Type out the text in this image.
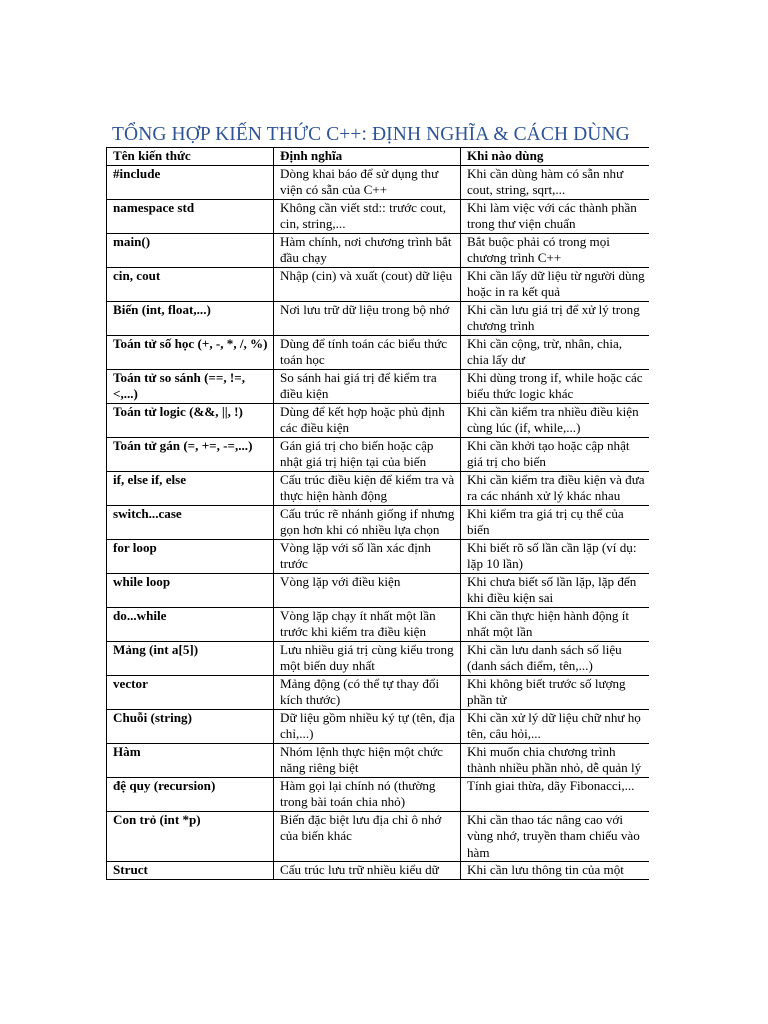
TỔNG HỢP KIẾN THỨC C++: ĐỊNH NGHĨA & CÁCH DÙNG
Tên kiến thức	Định nghĩa	Khi nào dùng
#include	Dòng khai báo để sử dụng thư viện có sẵn của C++	Khi cần dùng hàm có sẵn như cout, string, sqrt,...
namespace std	Không cần viết std:: trước cout, cin, string,...	Khi làm việc với các thành phần trong thư viện chuẩn
main()	Hàm chính, nơi chương trình bắt đầu chạy	Bắt buộc phải có trong mọi chương trình C++
cin, cout	Nhập (cin) và xuất (cout) dữ liệu	Khi cần lấy dữ liệu từ người dùng hoặc in ra kết quả
Biến (int, float,...)	Nơi lưu trữ dữ liệu trong bộ nhớ	Khi cần lưu giá trị để xử lý trong chương trình
Toán tử số học (+, -, *, /, %)	Dùng để tính toán các biểu thức toán học	Khi cần cộng, trừ, nhân, chia, chia lấy dư
Toán tử so sánh (==, !=, <,...)	So sánh hai giá trị để kiểm tra điều kiện	Khi dùng trong if, while hoặc các biểu thức logic khác
Toán tử logic (&&, ||, !)	Dùng để kết hợp hoặc phủ định các điều kiện	Khi cần kiểm tra nhiều điều kiện cùng lúc (if, while,...)
Toán tử gán (=, +=, -=,...)	Gán giá trị cho biến hoặc cập nhật giá trị hiện tại của biến	Khi cần khởi tạo hoặc cập nhật giá trị cho biến
if, else if, else	Cấu trúc điều kiện để kiểm tra và thực hiện hành động	Khi cần kiểm tra điều kiện và đưa ra các nhánh xử lý khác nhau
switch...case	Cấu trúc rẽ nhánh giống if nhưng gọn hơn khi có nhiều lựa chọn	Khi kiểm tra giá trị cụ thể của biến
for loop	Vòng lặp với số lần xác định trước	Khi biết rõ số lần cần lặp (ví dụ: lặp 10 lần)
while loop	Vòng lặp với điều kiện	Khi chưa biết số lần lặp, lặp đến khi điều kiện sai
do...while	Vòng lặp chạy ít nhất một lần trước khi kiểm tra điều kiện	Khi cần thực hiện hành động ít nhất một lần
Mảng (int a[5])	Lưu nhiều giá trị cùng kiểu trong một biến duy nhất	Khi cần lưu danh sách số liệu (danh sách điểm, tên,...)
vector	Mảng động (có thể tự thay đổi kích thước)	Khi không biết trước số lượng phần tử
Chuỗi (string)	Dữ liệu gồm nhiều ký tự (tên, địa chỉ,...)	Khi cần xử lý dữ liệu chữ như họ tên, câu hỏi,...
Hàm	Nhóm lệnh thực hiện một chức năng riêng biệt	Khi muốn chia chương trình thành nhiều phần nhỏ, dễ quản lý
đệ quy (recursion)	Hàm gọi lại chính nó (thường trong bài toán chia nhỏ)	Tính giai thừa, dãy Fibonacci,...
Con trỏ (int *p)	Biến đặc biệt lưu địa chỉ ô nhớ của biến khác	Khi cần thao tác nâng cao với vùng nhớ, truyền tham chiếu vào hàm
Struct	Cấu trúc lưu trữ nhiều kiểu dữ	Khi cần lưu thông tin của một
